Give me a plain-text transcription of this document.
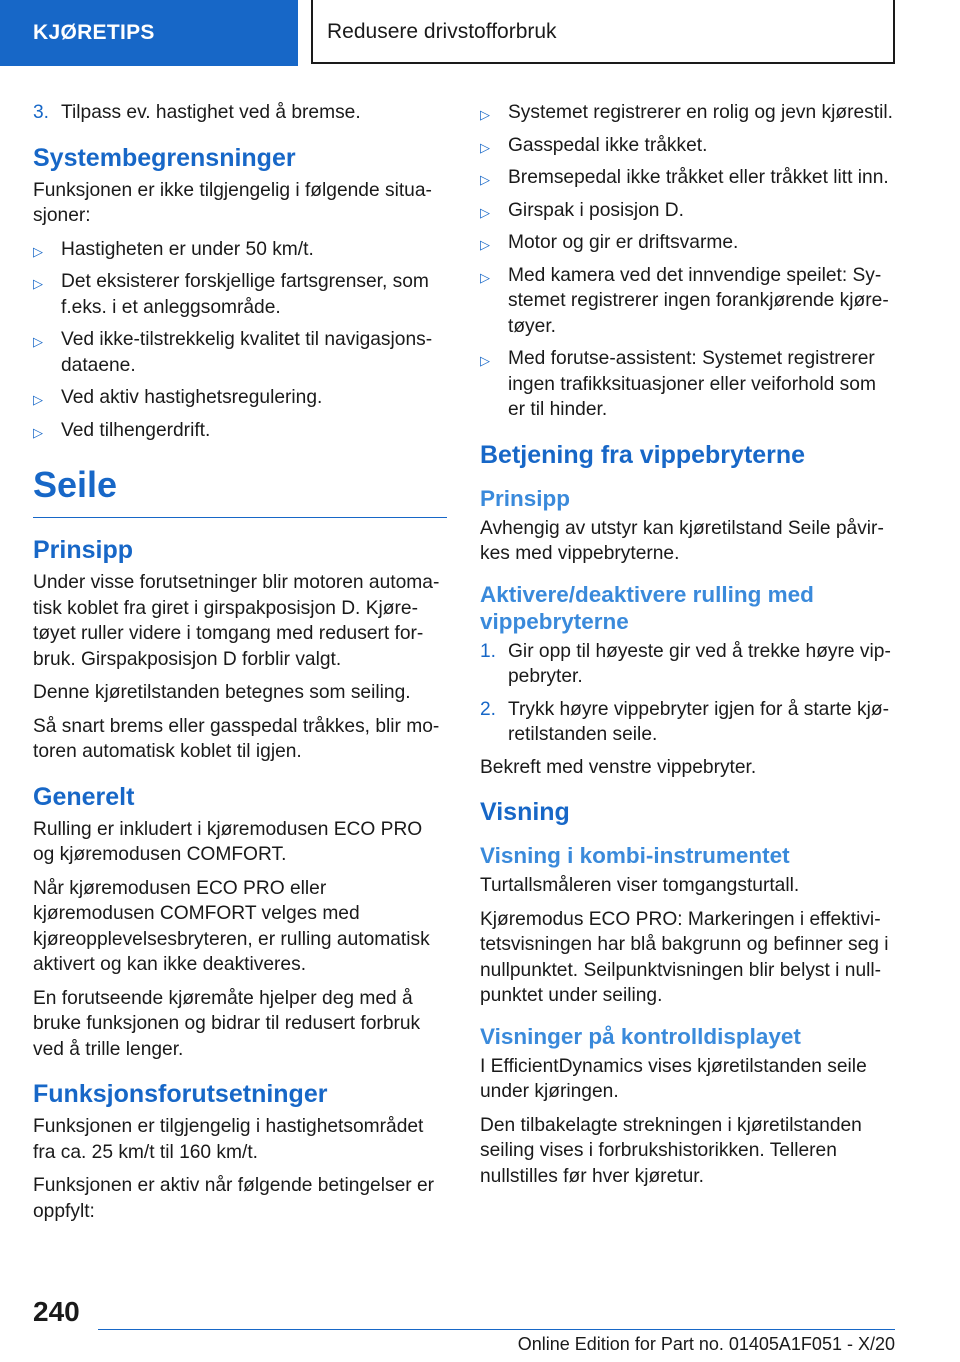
KJØRETIPS	Redusere drivstofforbruk
3. Tilpass ev. hastighet ved å bremse.
Systembegrensninger

Funksjonen er ikke tilgjengelig i følgende situasjoner:

▷ Hastigheten er under 50 km/t.
▷ Det eksisterer forskjellige fartsgrenser, som f.eks. i et anleggsområde.
▷ Ved ikke-tilstrekkelig kvalitet til navigasjonsdataene.
▷ Ved aktiv hastighetsregulering.
▷ Ved tilhengerdrift.
Seile
Prinsipp

Under visse forutsetninger blir motoren automatisk koblet fra giret i girspakposisjon D. Kjøretøyet ruller videre i tomgang med redusert forbruk. Girspakposisjon D forblir valgt.

Denne kjøretilstanden betegnes som seiling.

Så snart brems eller gasspedal tråkkes, blir motoren automatisk koblet til igjen.

Generelt

Rulling er inkludert i kjøremodusen ECO PRO og kjøremodusen COMFORT.

Når kjøremodusen ECO PRO eller kjøremodusen COMFORT velges med kjøreopplevelsesbryteren, er rulling automatisk aktivert og kan ikke deaktiveres.

En forutseende kjøremåte hjelper deg med å bruke funksjonen og bidrar til redusert forbruk ved å trille lenger.

Funksjonsforutsetninger

Funksjonen er tilgjengelig i hastighetsområdet fra ca. 25 km/t til 160 km/t.

Funksjonen er aktiv når følgende betingelser er oppfylt:

▷ Systemet registrerer en rolig og jevn kjørestil.
▷ Gasspedal ikke tråkket.
▷ Bremsepedal ikke tråkket eller tråkket litt inn.
▷ Girspak i posisjon D.
▷ Motor og gir er driftsvarme.
▷ Med kamera ved det innvendige speilet: Systemet registrerer ingen forankjørende kjøretøyer.
▷ Med forutse-assistent: Systemet registrerer ingen trafikksituasjoner eller veiforhold som er til hinder.
Betjening fra vippebryterne
Prinsipp

Avhengig av utstyr kan kjøretilstand Seile påvirkes med vippebryterne.

Aktivere/deaktivere rulling med vippebryterne
1. Gir opp til høyeste gir ved å trekke høyre vippebryter.
2. Trykk høyre vippebryter igjen for å starte kjøretilstanden seile.

Bekreft med venstre vippebryter.

Visning
Visning i kombi-instrumentet

Turtallsmåleren viser tomgangsturtall.

Kjøremodus ECO PRO: Markeringen i effektivitetsvisningen har blå bakgrunn og befinner seg i nullpunktet. Seilpunktvisningen blir belyst i nullpunktet under seiling.

Visninger på kontrolldisplayet

I EfficientDynamics vises kjøretilstanden seile under kjøringen.

Den tilbakelagte strekningen i kjøretilstanden seiling vises i forbrukshistorikken. Telleren nullstilles før hver kjøretur.

240
Online Edition for Part no. 01405A1F051 - X/20
